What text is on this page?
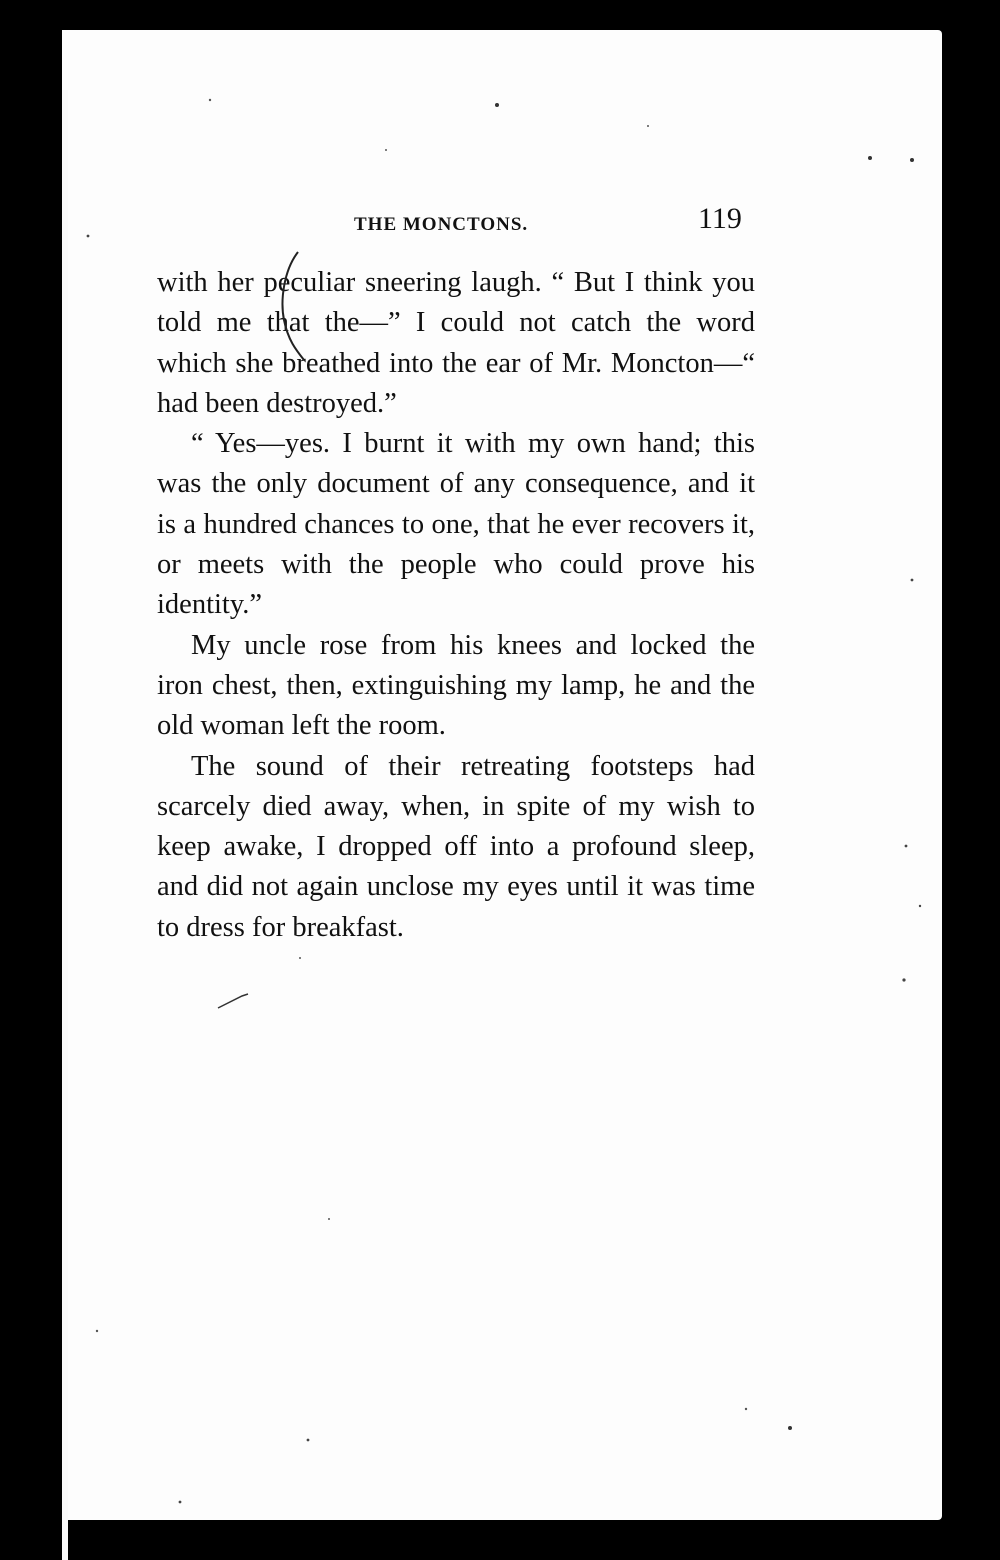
THE MONCTONS.	119

with her peculiar sneering laugh. “ But I think you told me that the—” I could not catch the word which she breathed into the ear of Mr. Moncton—“ had been destroyed.”

“ Yes—yes. I burnt it with my own hand; this was the only document of any consequence, and it is a hundred chances to one, that he ever recovers it, or meets with the people who could prove his identity.”

My uncle rose from his knees and locked the iron chest, then, extinguishing my lamp, he and the old woman left the room.

The sound of their retreating footsteps had scarcely died away, when, in spite of my wish to keep awake, I dropped off into a profound sleep, and did not again unclose my eyes until it was time to dress for breakfast.
